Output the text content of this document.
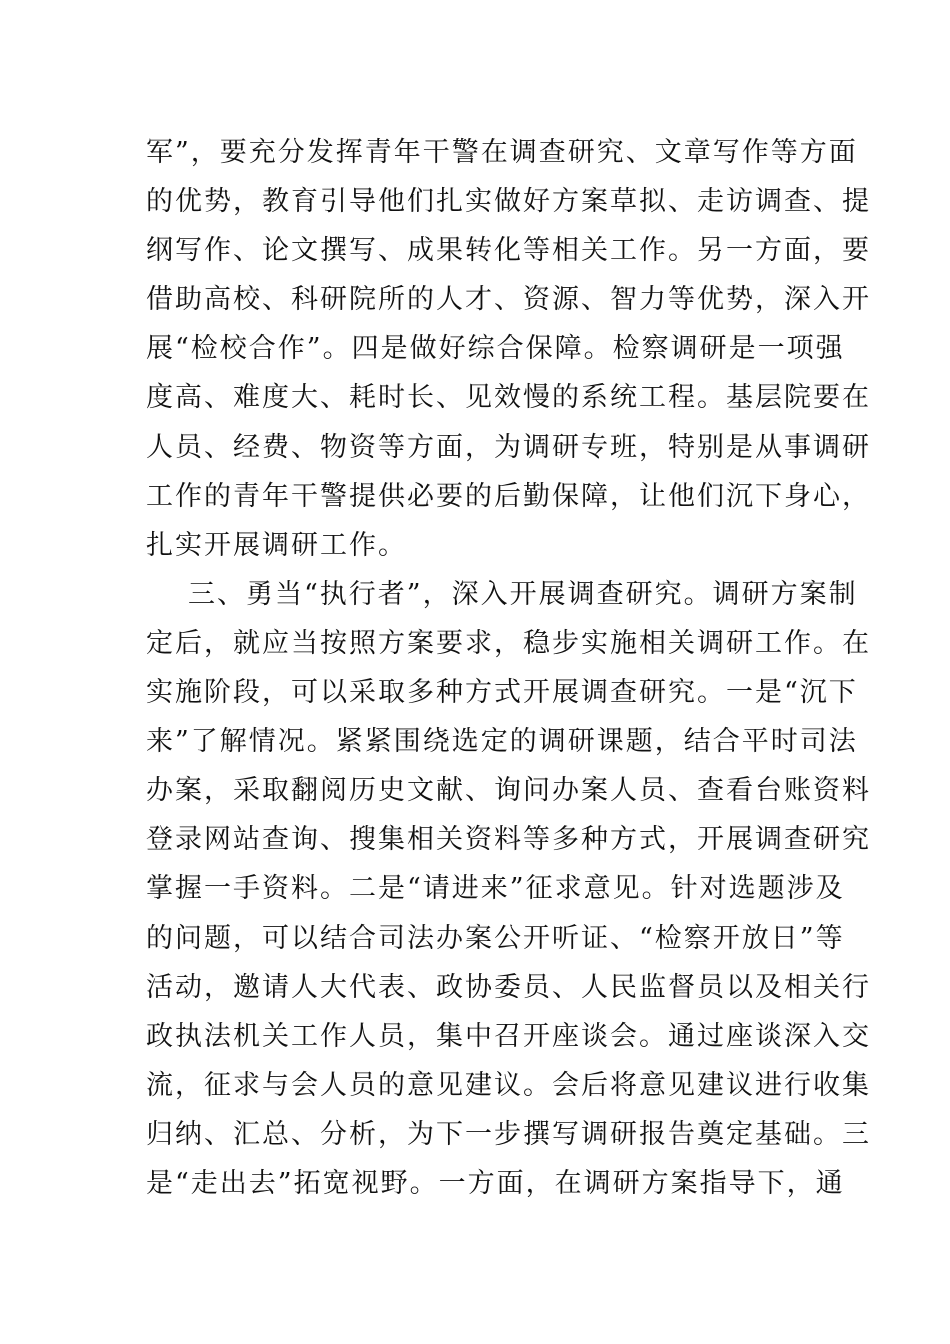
军”，要充分发挥青年干警在调查研究、文章写作等方面
的优势，教育引导他们扎实做好方案草拟、走访调查、提
纲写作、论文撰写、成果转化等相关工作。另一方面，要
借助高校、科研院所的人才、资源、智力等优势，深入开
展“检校合作”。四是做好综合保障。检察调研是一项强
度高、难度大、耗时长、见效慢的系统工程。基层院要在
人员、经费、物资等方面，为调研专班，特别是从事调研
工作的青年干警提供必要的后勤保障，让他们沉下身心，
扎实开展调研工作。
三、勇当“执行者”，深入开展调查研究。调研方案制
定后，就应当按照方案要求，稳步实施相关调研工作。在
实施阶段，可以采取多种方式开展调查研究。一是“沉下
来”了解情况。紧紧围绕选定的调研课题，结合平时司法
办案，采取翻阅历史文献、询问办案人员、查看台账资料
登录网站查询、搜集相关资料等多种方式，开展调查研究
掌握一手资料。二是“请进来”征求意见。针对选题涉及
的问题，可以结合司法办案公开听证、“检察开放日”等
活动，邀请人大代表、政协委员、人民监督员以及相关行
政执法机关工作人员，集中召开座谈会。通过座谈深入交
流，征求与会人员的意见建议。会后将意见建议进行收集
归纳、汇总、分析，为下一步撰写调研报告奠定基础。三
是“走出去”拓宽视野。一方面，在调研方案指导下，通
